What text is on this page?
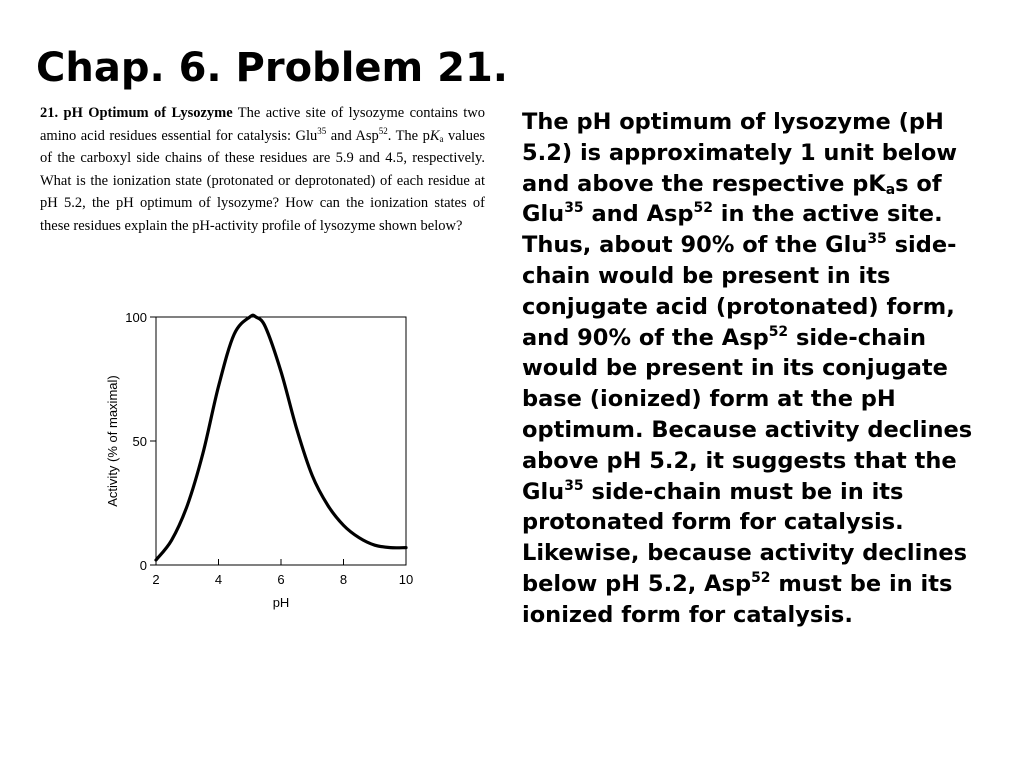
Chap. 6. Problem 21.
21. pH Optimum of Lysozyme The active site of lysozyme contains two amino acid residues essential for catalysis: Glu$^{35}$ and Asp$^{52}$. The $pK_a$ values of the carboxyl side chains of these residues are 5.9 and 4.5, respectively. What is the ionization state (protonated or deprotonated) of each residue at pH 5.2, the pH optimum of lysozyme? How can the ionization states of these residues explain the pH-activity profile of lysozyme shown below?
2	4	6	8	10
0
50
100
pH
Activity (% of maximal)
The pH optimum of lysozyme (pH 5.2) is approximately 1 unit below and above the respective $pK_as$ of Glu$^{35}$ and Asp$^{52}$ in the active site. Thus, about 90% of the Glu$^{35}$ side-chain would be present in its conjugate acid (protonated) form, and 90% of the Asp$^{52}$ side-chain would be present in its conjugate base (ionized) form at the pH optimum. Because activity declines above pH 5.2, it suggests that the Glu$^{35}$ side-chain must be in its protonated form for catalysis. Likewise, because activity declines below pH 5.2, Asp$^{52}$ must be in its ionized form for catalysis.
